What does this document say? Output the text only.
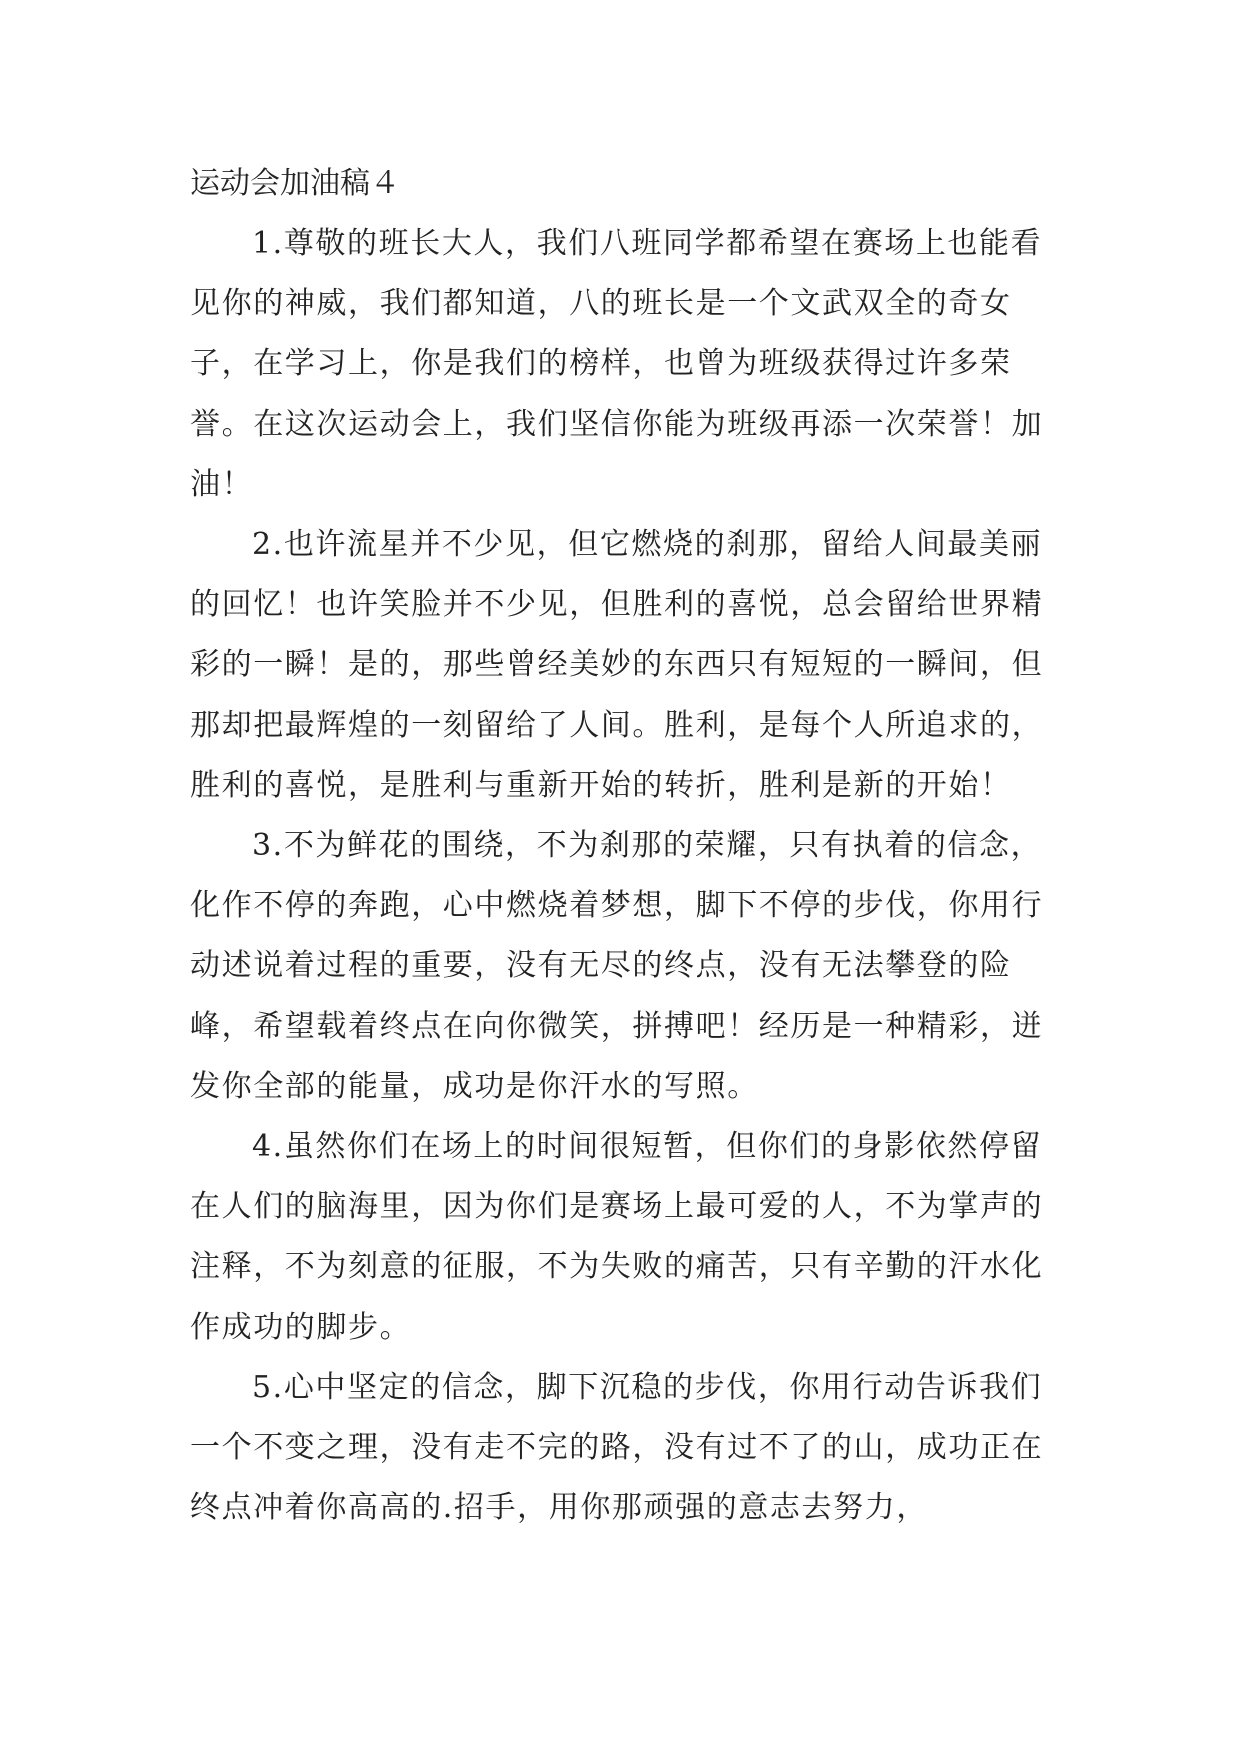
运动会加油稿４

1.尊敬的班长大人，我们八班同学都希望在赛场上也能看见你的神威，我们都知道，八的班长是一个文武双全的奇女子，在学习上，你是我们的榜样，也曾为班级获得过许多荣誉。在这次运动会上，我们坚信你能为班级再添一次荣誉！加油！

2.也许流星并不少见，但它燃烧的刹那，留给人间最美丽的回忆！也许笑脸并不少见，但胜利的喜悦，总会留给世界精彩的一瞬！是的，那些曾经美妙的东西只有短短的一瞬间，但那却把最辉煌的一刻留给了人间。胜利，是每个人所追求的，胜利的喜悦，是胜利与重新开始的转折，胜利是新的开始！

3.不为鲜花的围绕，不为刹那的荣耀，只有执着的信念，化作不停的奔跑，心中燃烧着梦想，脚下不停的步伐，你用行动述说着过程的重要，没有无尽的终点，没有无法攀登的险峰，希望载着终点在向你微笑，拼搏吧！经历是一种精彩，迸发你全部的能量，成功是你汗水的写照。

4.虽然你们在场上的时间很短暂，但你们的身影依然停留在人们的脑海里，因为你们是赛场上最可爱的人，不为掌声的注释，不为刻意的征服，不为失败的痛苦，只有辛勤的汗水化作成功的脚步。

5.心中坚定的信念，脚下沉稳的步伐，你用行动告诉我们一个不变之理，没有走不完的路，没有过不了的山，成功正在终点冲着你高高的.招手，用你那顽强的意志去努力，
